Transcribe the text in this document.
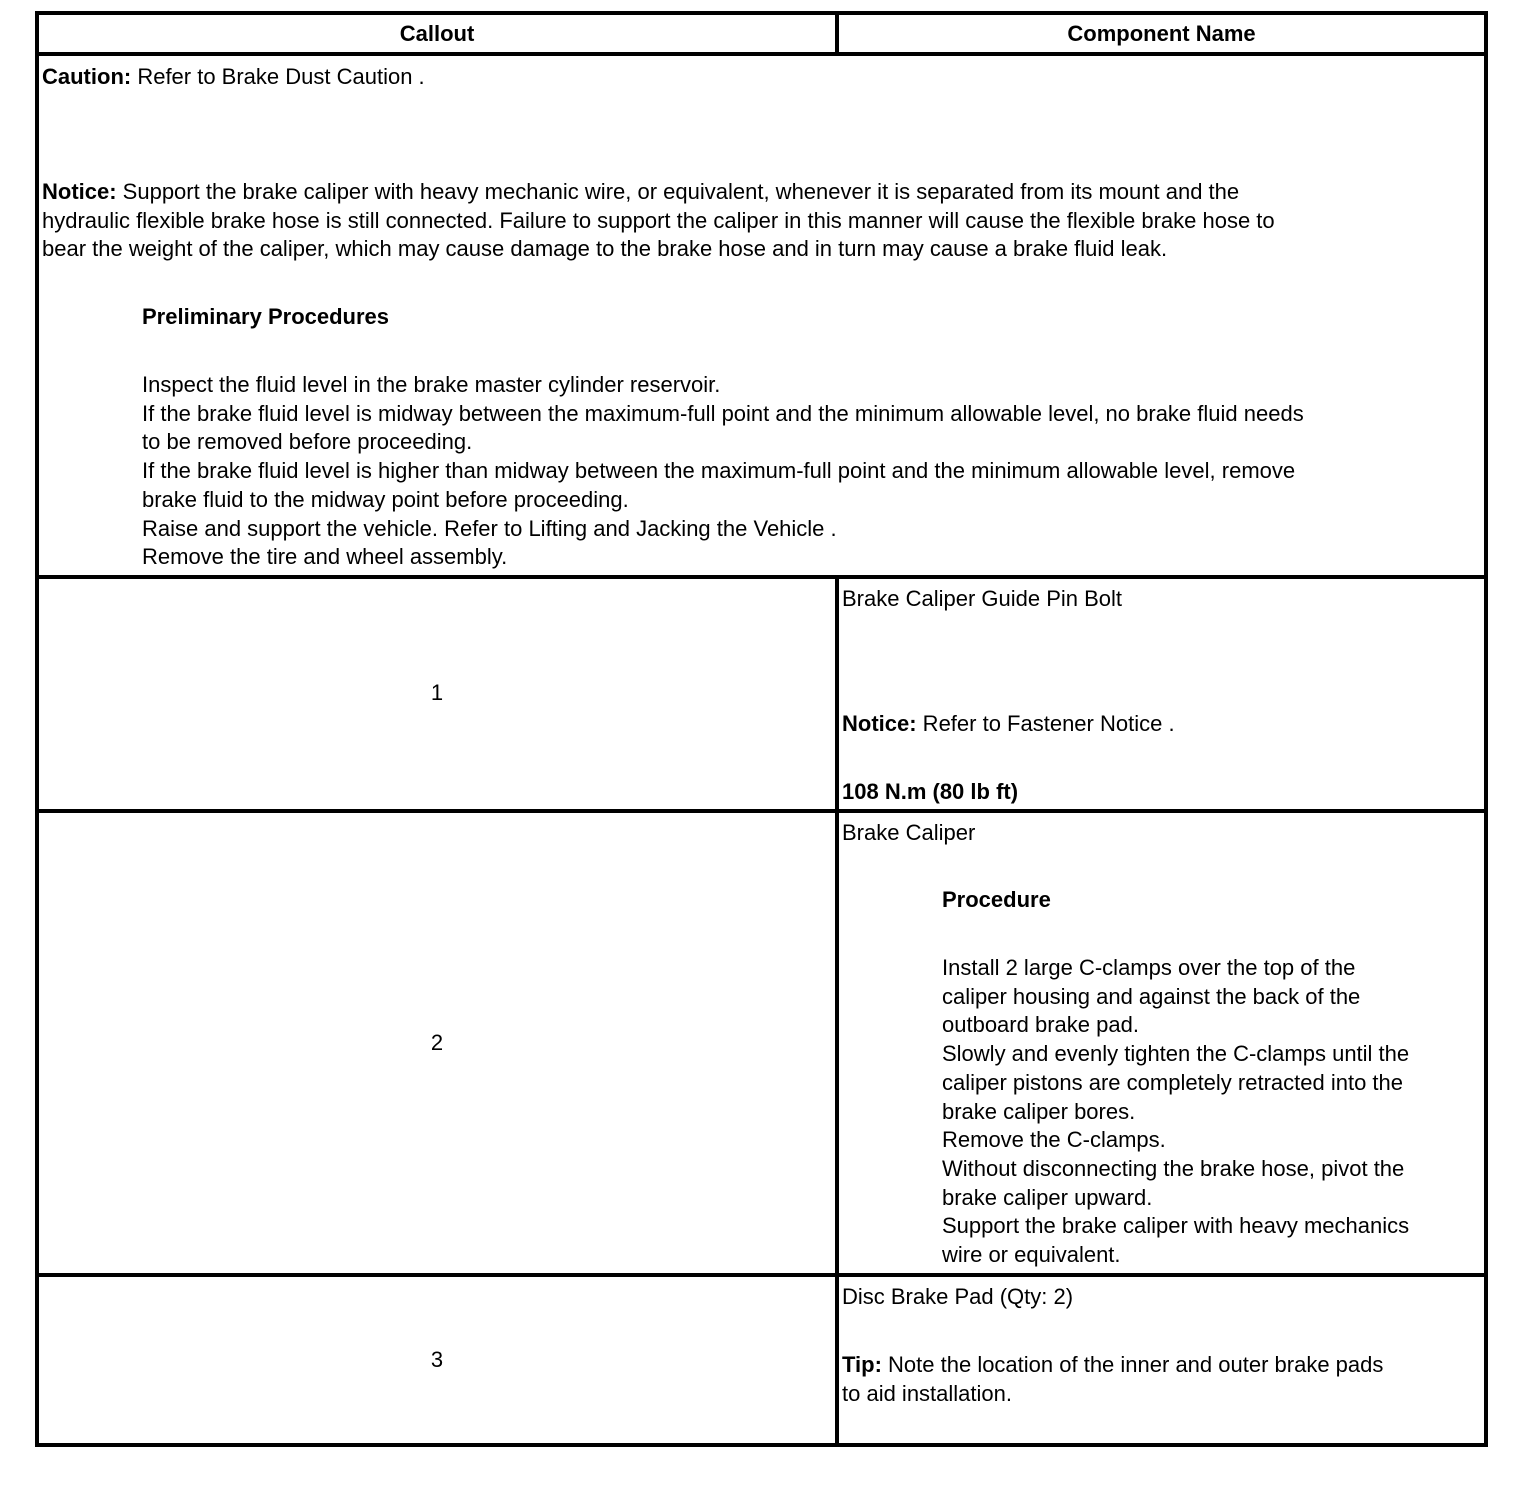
Callout	Component Name
Caution: Refer to Brake Dust Caution .
Notice: Support the brake caliper with heavy mechanic wire, or equivalent, whenever it is separated from its mount and the
hydraulic flexible brake hose is still connected. Failure to support the caliper in this manner will cause the flexible brake hose to
bear the weight of the caliper, which may cause damage to the brake hose and in turn may cause a brake fluid leak.
Preliminary Procedures
Inspect the fluid level in the brake master cylinder reservoir.
If the brake fluid level is midway between the maximum-full point and the minimum allowable level, no brake fluid needs
to be removed before proceeding.
If the brake fluid level is higher than midway between the maximum-full point and the minimum allowable level, remove
brake fluid to the midway point before proceeding.
Raise and support the vehicle. Refer to Lifting and Jacking the Vehicle .
Remove the tire and wheel assembly.
1
Brake Caliper Guide Pin Bolt
Notice: Refer to Fastener Notice .
108 N.m (80 lb ft)
2
Brake Caliper
Procedure
Install 2 large C-clamps over the top of the
caliper housing and against the back of the
outboard brake pad.
Slowly and evenly tighten the C-clamps until the
caliper pistons are completely retracted into the
brake caliper bores.
Remove the C-clamps.
Without disconnecting the brake hose, pivot the
brake caliper upward.
Support the brake caliper with heavy mechanics
wire or equivalent.
3
Disc Brake Pad (Qty: 2)
Tip: Note the location of the inner and outer brake pads
to aid installation.
